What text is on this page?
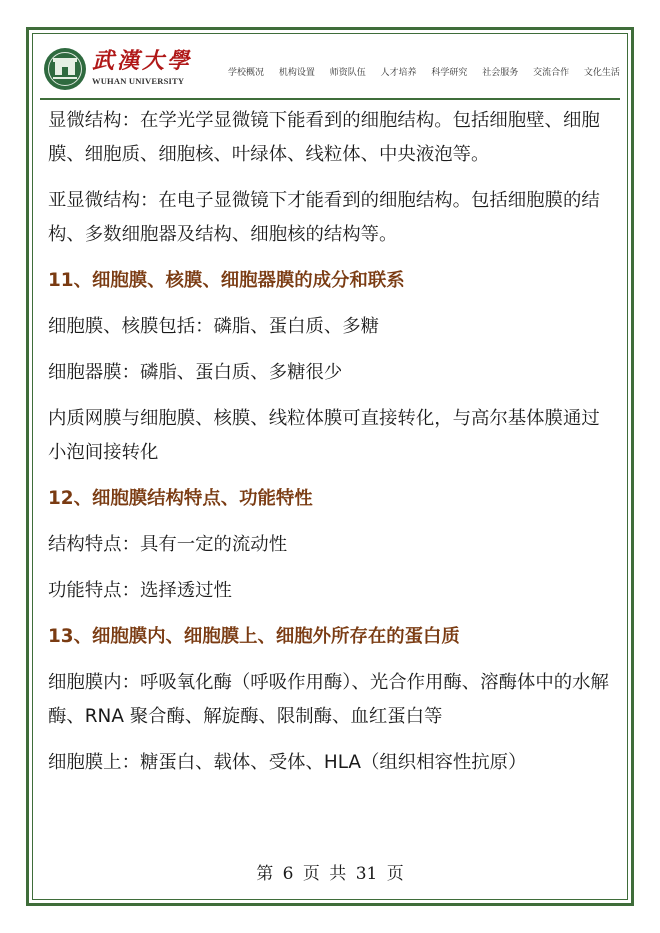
武漢大學
WUHAN UNIVERSITY
学校概况 机构设置 师资队伍 人才培养 科学研究 社会服务 交流合作 文化生活

显微结构：在学光学显微镜下能看到的细胞结构。包括细胞壁、细胞膜、细胞质、细胞核、叶绿体、线粒体、中央液泡等。

亚显微结构：在电子显微镜下才能看到的细胞结构。包括细胞膜的结构、多数细胞器及结构、细胞核的结构等。

11、细胞膜、核膜、细胞器膜的成分和联系

细胞膜、核膜包括：磷脂、蛋白质、多糖

细胞器膜：磷脂、蛋白质、多糖很少

内质网膜与细胞膜、核膜、线粒体膜可直接转化，与高尔基体膜通过小泡间接转化

12、细胞膜结构特点、功能特性

结构特点：具有一定的流动性

功能特点：选择透过性

13、细胞膜内、细胞膜上、细胞外所存在的蛋白质

细胞膜内：呼吸氧化酶（呼吸作用酶）、光合作用酶、溶酶体中的水解酶、RNA 聚合酶、解旋酶、限制酶、血红蛋白等

细胞膜上：糖蛋白、载体、受体、HLA（组织相容性抗原）

第 6 页 共 31 页
